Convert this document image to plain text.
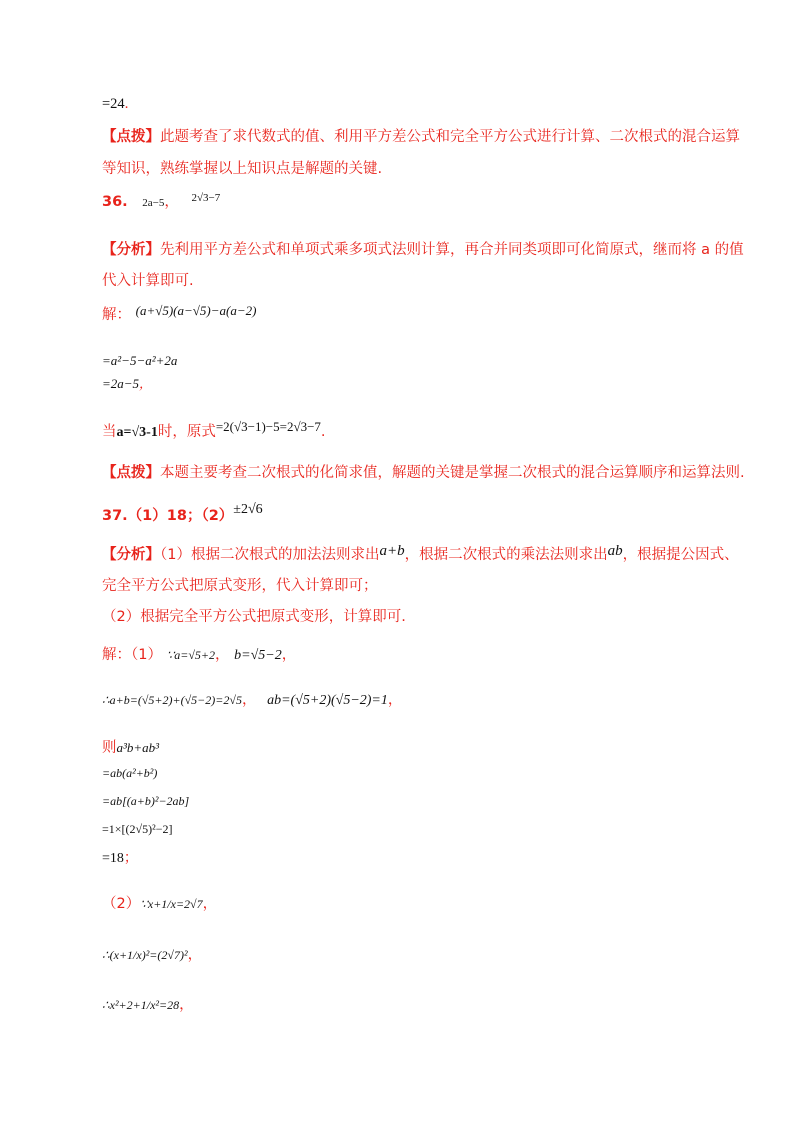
=24.
【点拨】此题考查了求代数式的值、利用平方差公式和完全平方公式进行计算、二次根式的混合运算
等知识，熟练掌握以上知识点是解题的关键.
36. 2a−5， $^{2√3-7}$
【分析】先利用平方差公式和单项式乘多项式法则计算，再合并同类项即可化简原式，继而将 a 的值
代入计算即可.
解： (a+√5)(a−√5)−a(a−2)
=a²−5−a²+2a
=2a−5，
当a=√3-1时，原式=2(√3−1)−5=2√3−7.
【点拨】本题主要考查二次根式的化简求值，解题的关键是掌握二次根式的混合运算顺序和运算法则.
37.（1）18；（2）±2√6
【分析】（1）根据二次根式的加法法则求出a+b，根据二次根式的乘法法则求出ab，根据提公因式、
完全平方公式把原式变形，代入计算即可；
（2）根据完全平方公式把原式变形，计算即可.
解：（1） ∵a=√5+2， b=√5−2，
∴a+b=(√5+2)+(√5−2)=2√5， ab=(√5+2)(√5−2)=1，
则a³b+ab³
=ab(a²+b²)
=ab[(a+b)²−2ab]
=1×[(2√5)²−2]
=18；
（2）∵x+1/x=2√7，
∴(x+1/x)²=(2√7)²，
∴x²+2+1/x²=28，
